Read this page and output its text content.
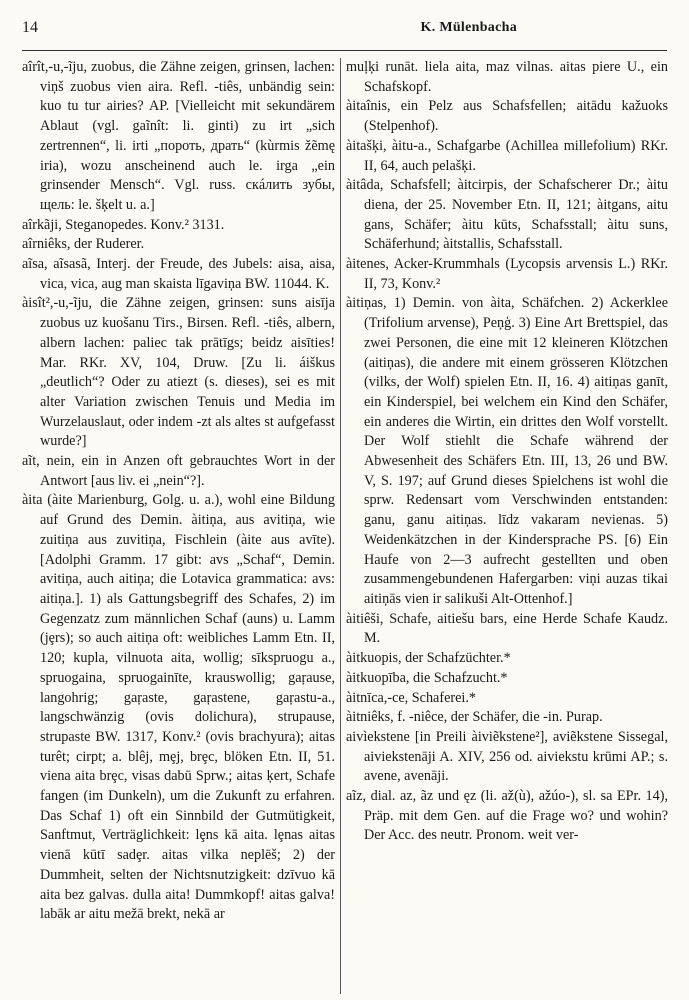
14	K. Mülenbacha

aîrît,-u,-ĩju, zuobus, die Zähne zeigen, grinsen, lachen: viņš zuobus vien aira. Refl. -tiês, unbändig sein: kuo tu tur airies? AP. [Vielleicht mit sekundärem Ablaut (vgl. gaĩnît: li. ginti) zu irt „sich zertrennen“, li. irti „пороть, драть“ (kùrmis žẽmę iria), wozu anscheinend auch le. irga „ein grinsender Mensch“. Vgl. russ. скáлить зубы, щель: le. šķelt u. a.]

aîrkãji, Steganopedes. Konv.² 3131.

aîrniêks, der Ruderer.

aĩsa, aĩsasã, Interj. der Freude, des Jubels: aisa, aisa, vica, vica, aug man skaista līgaviņa BW. 11044. K.

àisît²,-u,-ĩju, die Zähne zeigen, grinsen: suns aisīja zuobus uz kuošanu Tirs., Birsen. Refl. -tiês, albern, albern lachen: paliec tak prātīgs; beidz aisīties! Mar. RKr. XV, 104, Druw. [Zu li. áiškus „deutlich“? Oder zu atiezt (s. dieses), sei es mit alter Variation zwischen Tenuis und Media im Wurzelauslaut, oder indem -zt als altes st aufgefasst wurde?]

aĩt, nein, ein in Anzen oft gebrauchtes Wort in der Antwort [aus liv. ei „nein“?].

àita (àite Marienburg, Golg. u. a.), wohl eine Bildung auf Grund des Demin. àitiņa, aus avitiņa, wie zuitiņa aus zuvitiņa, Fischlein (àite aus avīte). [Adolphi Gramm. 17 gibt: avs „Schaf“, Demin. avitiņa, auch aitiņa; die Lotavica grammatica: avs: aitiņa.]. 1) als Gattungsbegriff des Schafes, 2) im Gegenzatz zum männlichen Schaf (auns) u. Lamm (jȩrs); so auch aitiņa oft: weibliches Lamm Etn. II, 120; kupla, vilnuota aita, wollig; sīkspruogu a., spruogaina, spruogainīte, krauswollig; gaŗause, langohrig; gaŗaste, gaŗastene, gaŗastu-a., langschwänzig (ovis dolichura), strupause, strupaste BW. 1317, Konv.² (ovis brachyura); aitas turêt; cirpt; a. blêj, mȩj, brȩc, blöken Etn. II, 51. viena aita brȩc, visas dabū Sprw.; aitas ķert, Schafe fangen (im Dunkeln), um die Zukunft zu erfahren. Das Schaf 1) oft ein Sinnbild der Gutmütigkeit, Sanftmut, Verträglichkeit: lȩns kā aita. lȩnas aitas vienā kūtī sadȩr. aitas vilka neplēš; 2) der Dummheit, selten der Nichtsnutzigkeit: dzīvuo kā aita bez galvas. dulla aita! Dummkopf! aitas galva! labāk ar aitu mežā brekt, nekā ar

muļķi runāt. liela aita, maz vilnas. aitas piere U., ein Schafskopf.

àitaînis, ein Pelz aus Schafsfellen; aitādu kažuoks (Stelpenhof).

àitašķi, àitu-a., Schafgarbe (Achillea millefolium) RKr. II, 64, auch pelašķi.

àitâda, Schafsfell; àitcirpis, der Schafscherer Dr.; àitu diena, der 25. November Etn. II, 121; àitgans, aitu gans, Schäfer; àitu kūts, Schafsstall; àitu suns, Schäferhund; àitstallis, Schafsstall.

àitenes, Acker-Krummhals (Lycopsis arvensis L.) RKr. II, 73, Konv.²

àitiņas, 1) Demin. von àita, Schäfchen. 2) Ackerklee (Trifolium arvense), Peņģ. 3) Eine Art Brettspiel, das zwei Personen, die eine mit 12 kleineren Klötzchen (aitiņas), die andere mit einem grösseren Klötzchen (vilks, der Wolf) spielen Etn. II, 16. 4) aitiņas ganīt, ein Kinderspiel, bei welchem ein Kind den Schäfer, ein anderes die Wirtin, ein drittes den Wolf vorstellt. Der Wolf stiehlt die Schafe während der Abwesenheit des Schäfers Etn. III, 13, 26 und BW. V, S. 197; auf Grund dieses Spielchens ist wohl die sprw. Redensart vom Verschwinden entstanden: ganu, ganu aitiņas. līdz vakaram nevienas. 5) Weidenkätzchen in der Kindersprache PS. [6) Ein Haufe von 2—3 aufrecht gestellten und oben zusammengebundenen Hafergarben: viņi auzas tikai aitiņās vien ir salikuši Alt-Ottenhof.]

àitiêši, Schafe, aitiešu bars, eine Herde Schafe Kaudz. M.

àitkuopis, der Schafzüchter.*

àitkuopība, die Schafzucht.*

àitnīca,-ce, Schaferei.*

àitniêks, f. -niêce, der Schäfer, die -in. Purap.

aivìekstene [in Preili àiviẽkstene²], aviẽkstene Sissegal, aiviekstenāji A. XIV, 256 od. aiviekstu krūmi AP.; s. avene, avenāji.

aĩz, dial. az, ãz und ęz (li. až(ù), ažúo-), sl. sa EPr. 14), Präp. mit dem Gen. auf die Frage wo? und wohin? Der Acc. des neutr. Pronom. weit ver-
